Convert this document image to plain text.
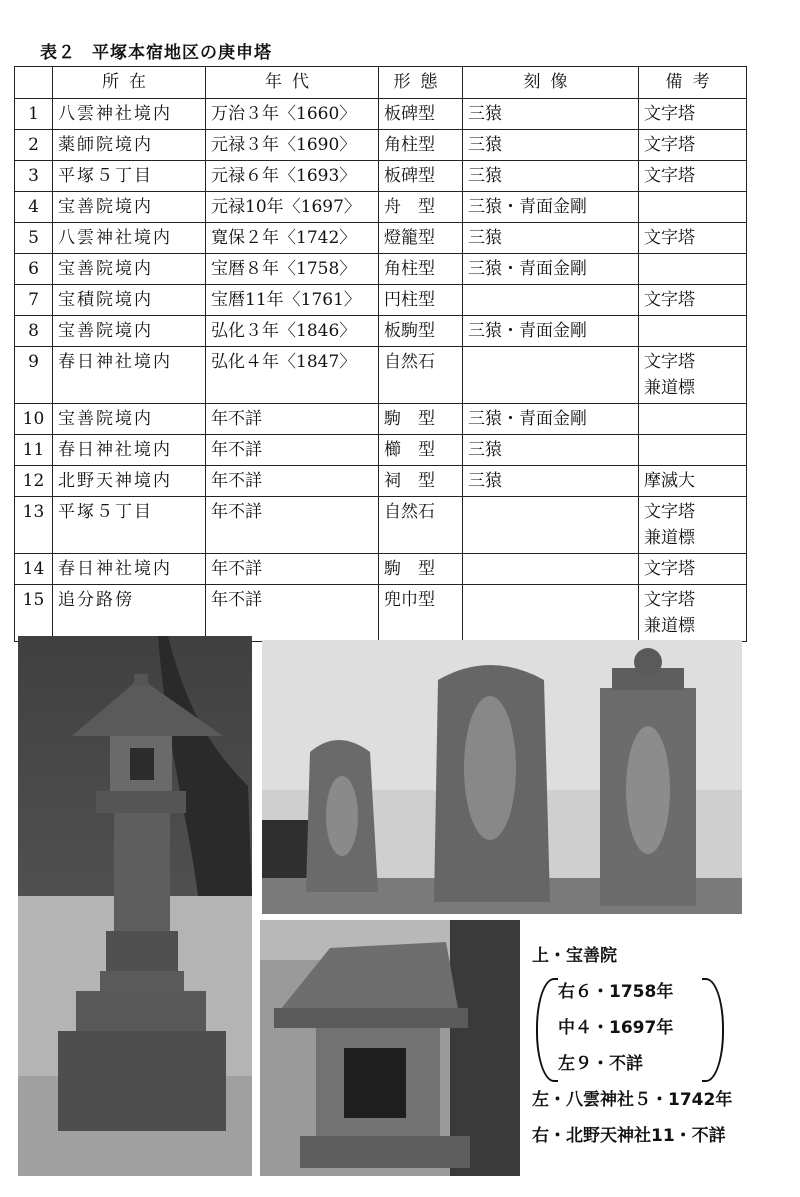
表２ 平塚本宿地区の庚申塔
	所在	年代	形態	刻像	備考
1	八雲神社境内	万治３年〈1660〉	板碑型	三猿	文字塔
2	薬師院境内	元禄３年〈1690〉	角柱型	三猿	文字塔
3	平塚５丁目	元禄６年〈1693〉	板碑型	三猿	文字塔
4	宝善院境内	元禄10年〈1697〉	舟　型	三猿・青面金剛	
5	八雲神社境内	寛保２年〈1742〉	燈籠型	三猿	文字塔
6	宝善院境内	宝暦８年〈1758〉	角柱型	三猿・青面金剛	
7	宝積院境内	宝暦11年〈1761〉	円柱型		文字塔
8	宝善院境内	弘化３年〈1846〉	板駒型	三猿・青面金剛	
9	春日神社境内	弘化４年〈1847〉	自然石		文字塔
兼道標
10	宝善院境内	年不詳	駒　型	三猿・青面金剛	
11	春日神社境内	年不詳	櫛　型	三猿	
12	北野天神境内	年不詳	祠　型	三猿	摩滅大
13	平塚５丁目	年不詳	自然石		文字塔
兼道標
14	春日神社境内	年不詳	駒　型		文字塔
15	追分路傍	年不詳	兜巾型		文字塔
兼道標
上・宝善院
右６・1758年
中４・1697年
左９・不詳
左・八雲神社５・1742年
右・北野天神社11・不詳
